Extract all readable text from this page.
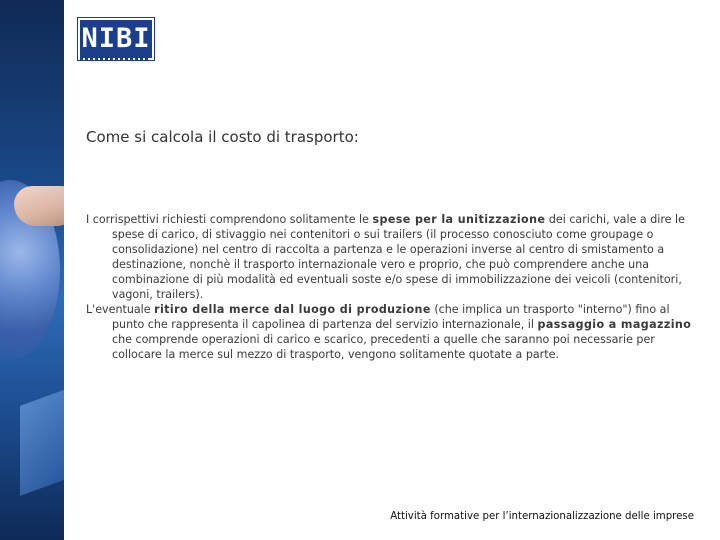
NIBI
Come si calcola il costo di trasporto:

I corrispettivi richiesti comprendono solitamente le spese per la unitizzazione dei carichi, vale a dire le spese di carico, di stivaggio nei contenitori o sui trailers (il processo conosciuto come groupage o consolidazione) nel centro di raccolta a partenza e le operazioni inverse al centro di smistamento a destinazione, nonchè il trasporto internazionale vero e proprio, che può comprendere anche una combinazione di più modalità ed eventuali soste e/o spese di immobilizzazione dei veicoli (contenitori, vagoni, trailers).

L'eventuale ritiro della merce dal luogo di produzione (che implica un trasporto "interno") fino al punto che rappresenta il capolinea di partenza del servizio internazionale, il passaggio a magazzino che comprende operazioni di carico e scarico, precedenti a quelle che saranno poi necessarie per collocare la merce sul mezzo di trasporto, vengono solitamente quotate a parte.

Attività formative per l’internazionalizzazione delle imprese
